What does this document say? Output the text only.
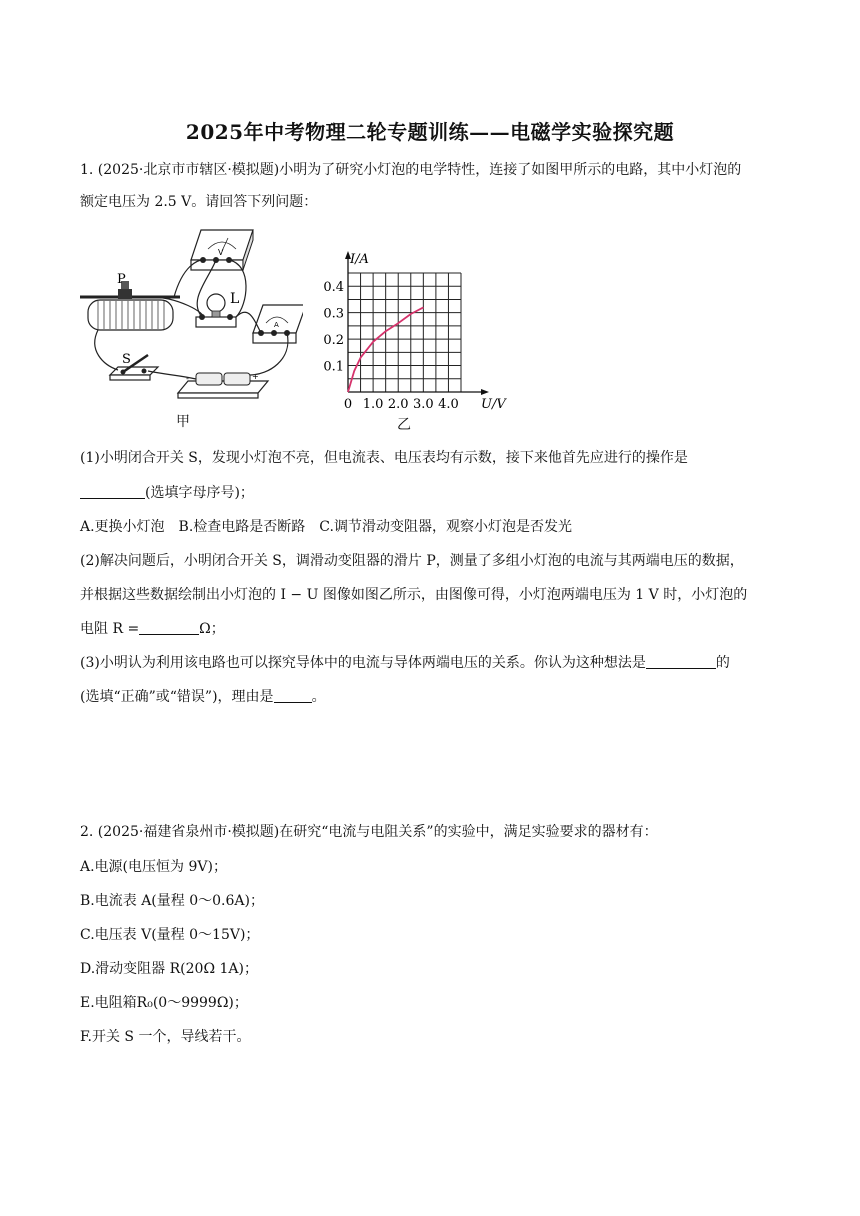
2025年中考物理二轮专题训练——电磁学实验探究题
1. (2025·北京市市辖区·模拟题)小明为了研究小灯泡的电学特性，连接了如图甲所示的电路，其中小灯泡的
额定电压为 2.5 V。请回答下列问题：
V
L
A
P
S
-	+
甲
0 1.0 2.0 3.0 4.0
0.1
0.2
0.3
0.4
U/V
I/A
乙
(1)小明闭合开关 S，发现小灯泡不亮，但电流表、电压表均有示数，接下来他首先应进行的操作是
(选填字母序号)；
A.更换小灯泡　B.检查电路是否断路　C.调节滑动变阻器，观察小灯泡是否发光
(2)解决问题后，小明闭合开关 S，调滑动变阻器的滑片 P，测量了多组小灯泡的电流与其两端电压的数据，
并根据这些数据绘制出小灯泡的 I − U 图像如图乙所示，由图像可得，小灯泡两端电压为 1 V 时，小灯泡的
电阻 R =	Ω；
(3)小明认为利用该电路也可以探究导体中的电流与导体两端电压的关系。你认为这种想法是	的
(选填“正确”或“错误”)，理由是	。
2. (2025·福建省泉州市·模拟题)在研究“电流与电阻关系”的实验中，满足实验要求的器材有：
A.电源(电压恒为 9V)；
B.电流表 A(量程 0～0.6A)；
C.电压表 V(量程 0～15V)；
D.滑动变阻器 R(20Ω 1A)；
E.电阻箱R₀(0～9999Ω)；
F.开关 S 一个，导线若干。
